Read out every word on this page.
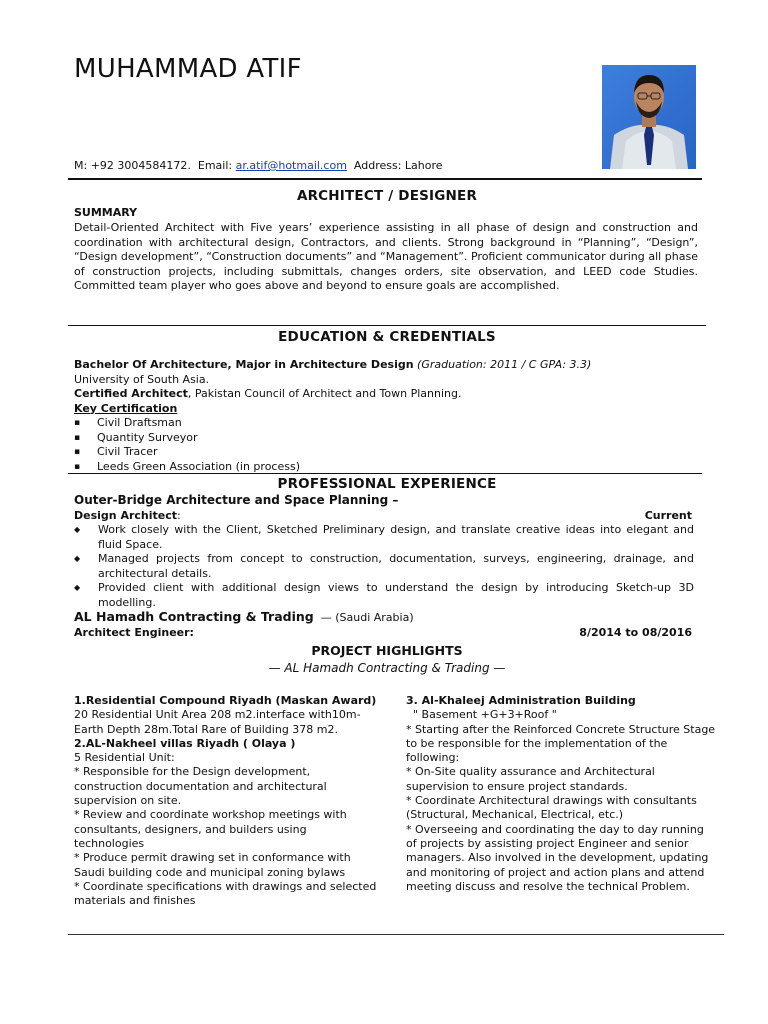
MUHAMMAD ATIF
M: +92 3004584172.  Email: ar.atif@hotmail.com  Address: Lahore
ARCHITECT / DESIGNER
SUMMARY
Detail-Oriented Architect with Five years’ experience assisting in all phase of design and construction and coordination with architectural design, Contractors, and clients. Strong background in “Planning”, “Design”, “Design development”, “Construction documents” and “Management”. Proficient communicator during all phase of construction projects, including submittals, changes orders, site observation, and LEED code Studies. Committed team player who goes above and beyond to ensure goals are accomplished.
EDUCATION & CREDENTIALS
Bachelor Of Architecture, Major in Architecture Design (Graduation: 2011 / C GPA: 3.3)
University of South Asia.
Certified Architect, Pakistan Council of Architect and Town Planning.
Key Certification
▪ Civil Draftsman
▪ Quantity Surveyor
▪ Civil Tracer
▪ Leeds Green Association (in process)
PROFESSIONAL EXPERIENCE
Outer-Bridge Architecture and Space Planning –
Design Architect:	Current
◆ Work closely with the Client, Sketched Preliminary design, and translate creative ideas into elegant and fluid Space.
◆ Managed projects from concept to construction, documentation, surveys, engineering, drainage, and architectural details.
◆ Provided client with additional design views to understand the design by introducing Sketch-up 3D modelling.
AL Hamadh Contracting & Trading  — (Saudi Arabia)
Architect Engineer:	8/2014 to 08/2016
PROJECT HIGHLIGHTS
— AL Hamadh Contracting & Trading —

1.Residential Compound Riyadh (Maskan Award)

20 Residential Unit Area 208 m2.interface with10m-Earth Depth 28m.Total Rare of Building 378 m2.

2.AL-Nakheel villas Riyadh ( Olaya )

5 Residential Unit:

* Responsible for the Design development, construction documentation and architectural supervision on site.

* Review and coordinate workshop meetings with consultants, designers, and builders using technologies

* Produce permit drawing set in conformance with Saudi building code and municipal zoning bylaws

* Coordinate specifications with drawings and selected materials and finishes

3. Al-Khaleej Administration Building

" Basement +G+3+Roof "

* Starting after the Reinforced Concrete Structure Stage to be responsible for the implementation of the following:

* On-Site quality assurance and Architectural supervision to ensure project standards.

* Coordinate Architectural drawings with consultants (Structural, Mechanical, Electrical, etc.)

* Overseeing and coordinating the day to day running of projects by assisting project Engineer and senior managers. Also involved in the development, updating and monitoring of project and action plans and attend meeting discuss and resolve the technical Problem.
